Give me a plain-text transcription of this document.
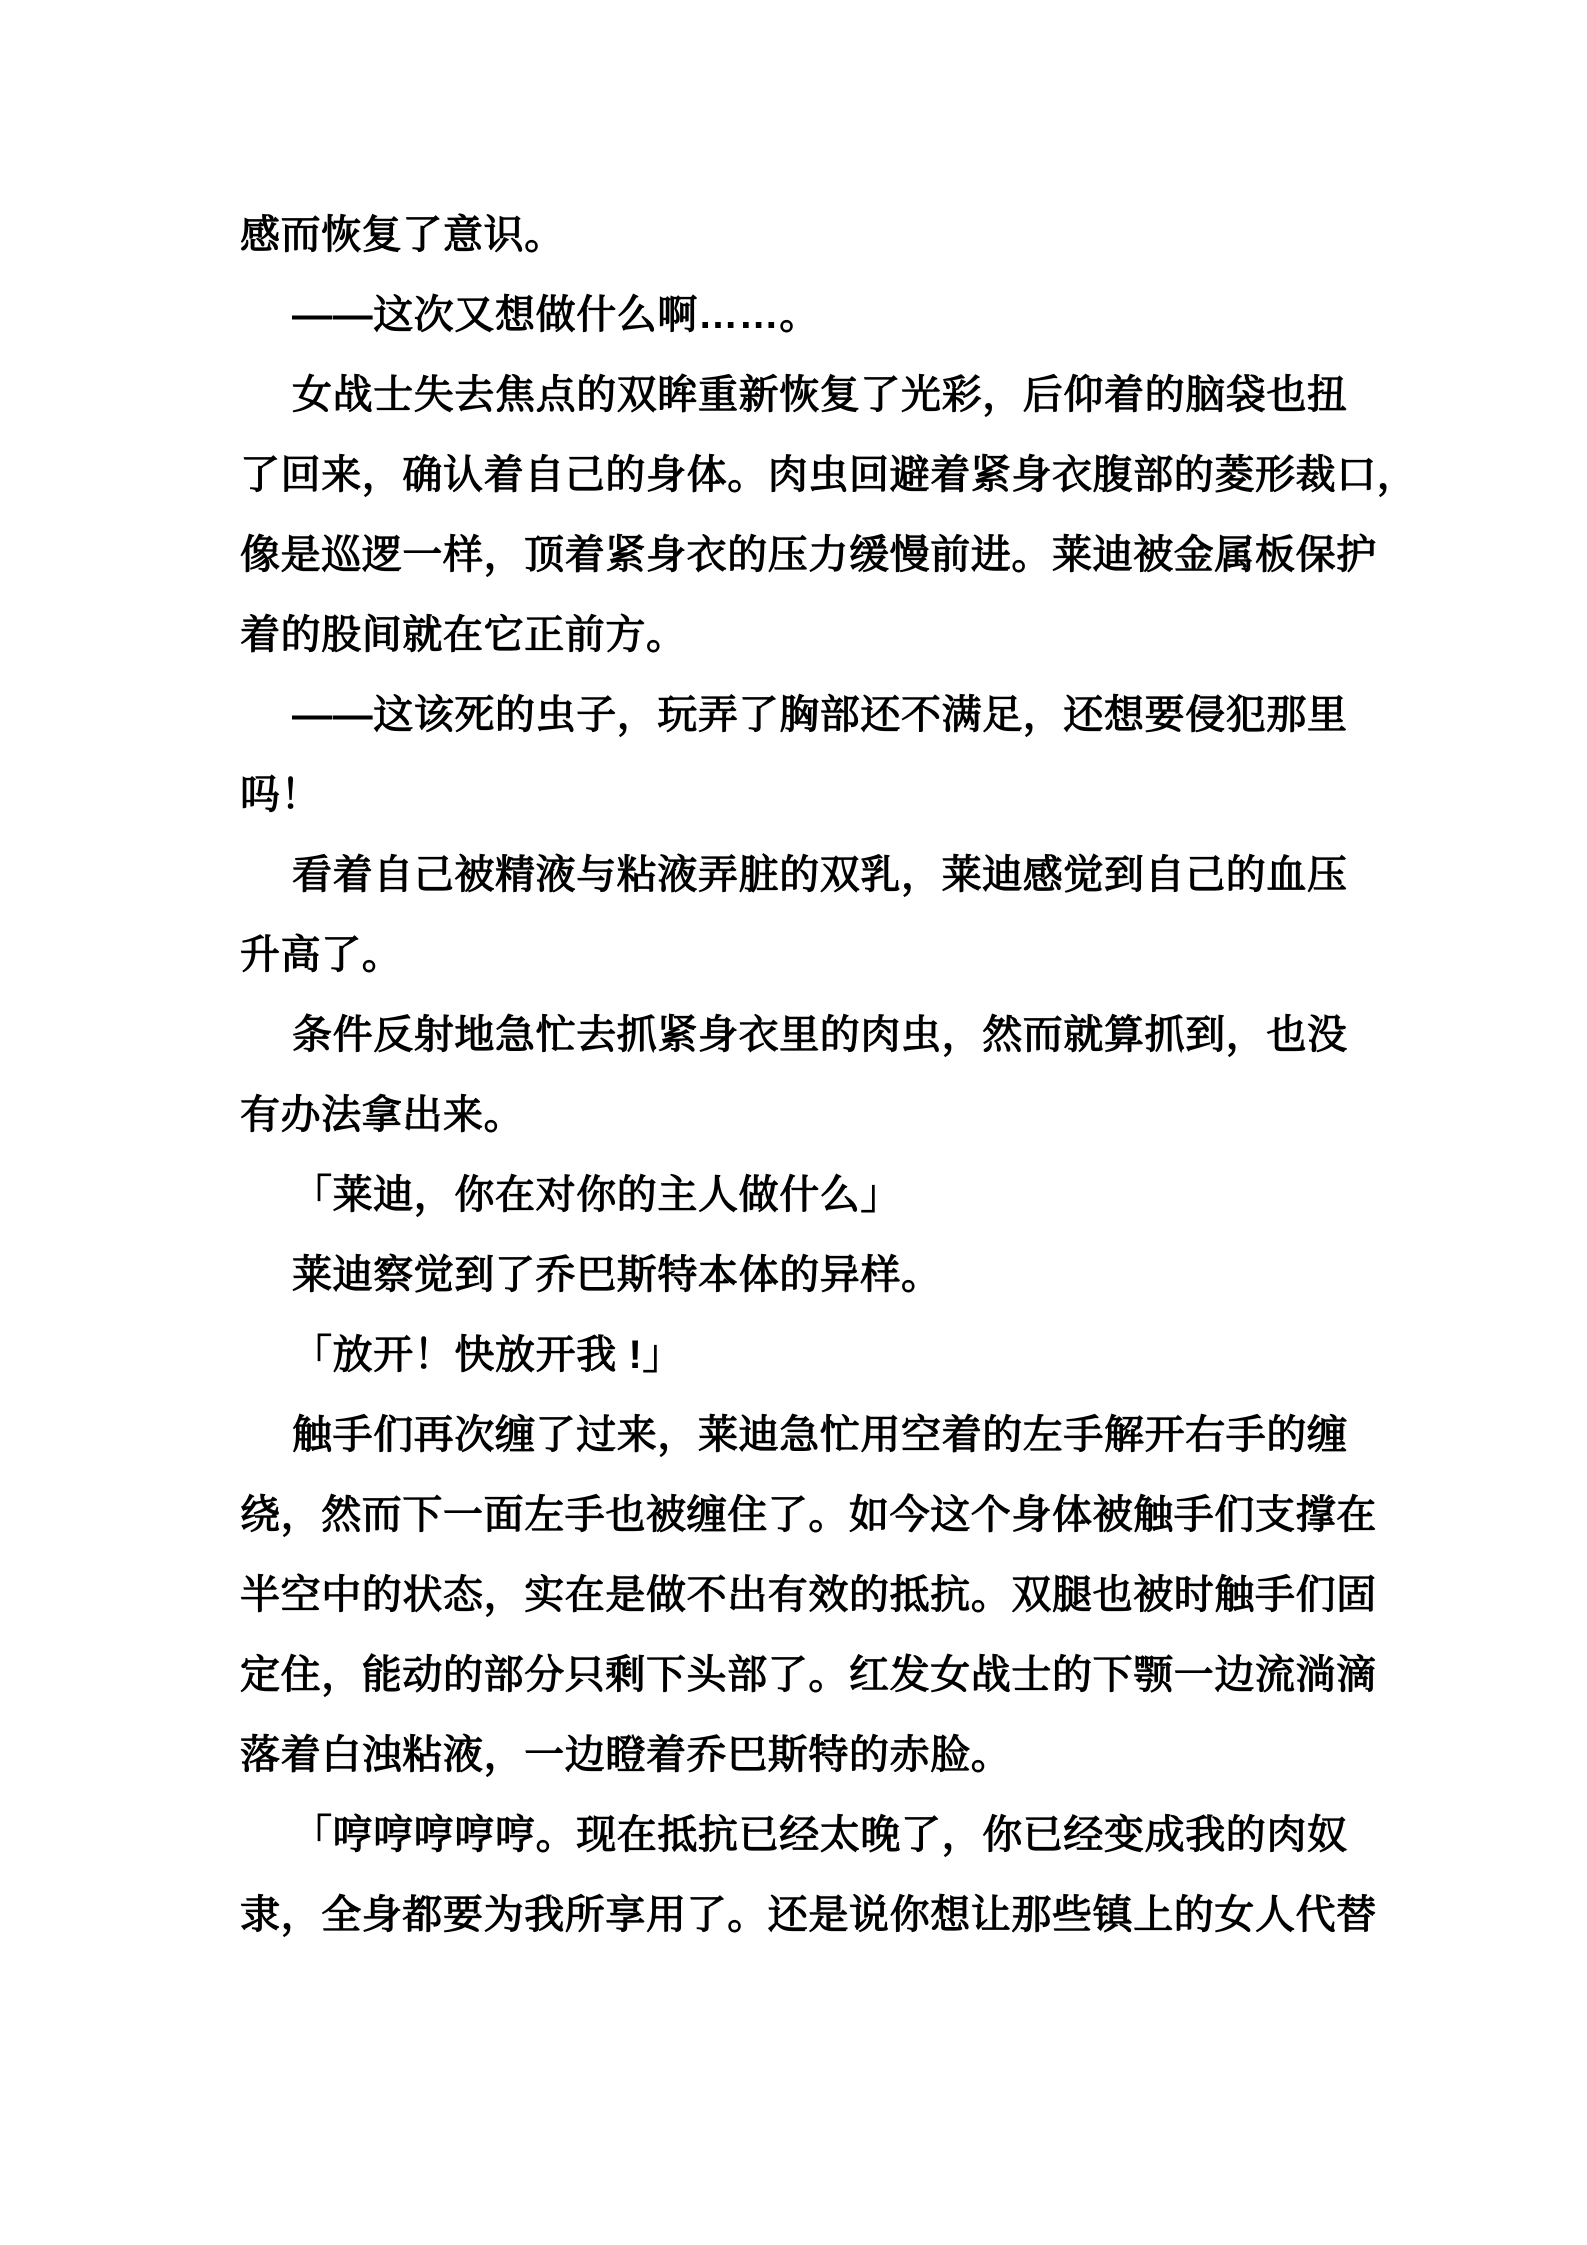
感而恢复了意识。
——这次又想做什么啊……。
女战士失去焦点的双眸重新恢复了光彩，后仰着的脑袋也扭
了回来，确认着自己的身体。肉虫回避着紧身衣腹部的菱形裁口，
像是巡逻一样，顶着紧身衣的压力缓慢前进。莱迪被金属板保护
着的股间就在它正前方。
——这该死的虫子，玩弄了胸部还不满足，还想要侵犯那里
吗！
看着自己被精液与粘液弄脏的双乳，莱迪感觉到自己的血压
升高了。
条件反射地急忙去抓紧身衣里的肉虫，然而就算抓到，也没
有办法拿出来。
「莱迪，你在对你的主人做什么」
莱迪察觉到了乔巴斯特本体的异样。
「放开！快放开我 !」
触手们再次缠了过来，莱迪急忙用空着的左手解开右手的缠
绕，然而下一面左手也被缠住了。如今这个身体被触手们支撑在
半空中的状态，实在是做不出有效的抵抗。双腿也被时触手们固
定住，能动的部分只剩下头部了。红发女战士的下颚一边流淌滴
落着白浊粘液，一边瞪着乔巴斯特的赤脸。
「哼哼哼哼哼。现在抵抗已经太晚了，你已经变成我的肉奴
隶，全身都要为我所享用了。还是说你想让那些镇上的女人代替
